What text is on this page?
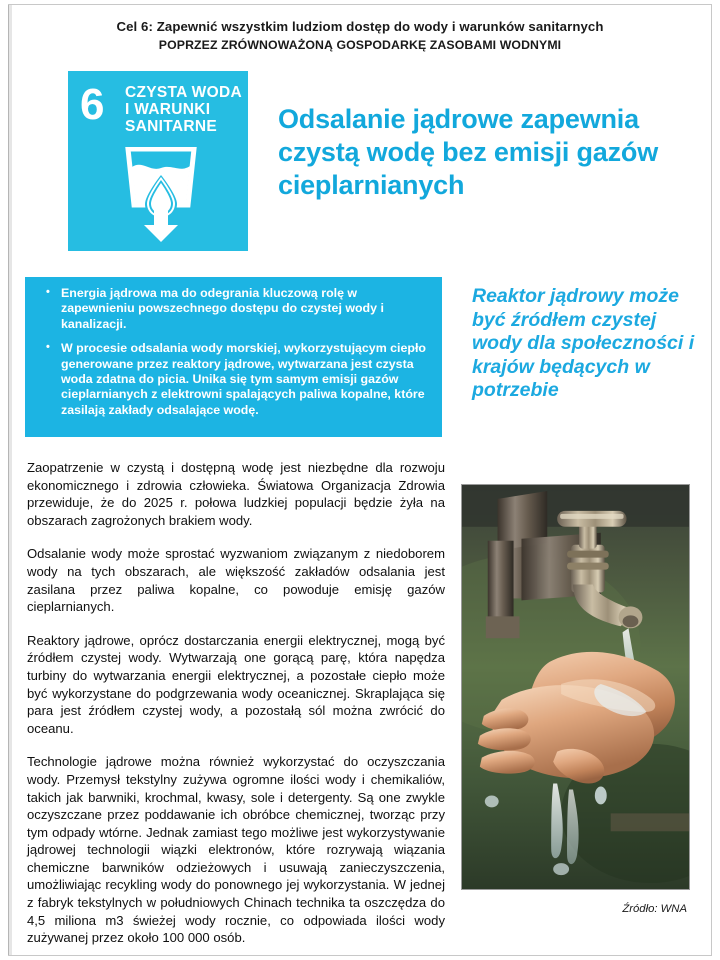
Cel 6: Zapewnić wszystkim ludziom dostęp do wody i warunków sanitarnych
POPRZEZ ZRÓWNOWAŻONĄ GOSPODARKĘ ZASOBAMI WODNYMI
6 CZYSTA WODA I WARUNKI SANITARNE	Odsalanie jądrowe zapewnia czystą wodę bez emisji gazów cieplarnianych
• Energia jądrowa ma do odegrania kluczową rolę w zapewnieniu powszechnego dostępu do czystej wody i kanalizacji.
• W procesie odsalania wody morskiej, wykorzystującym ciepło generowane przez reaktory jądrowe, wytwarzana jest czysta woda zdatna do picia. Unika się tym samym emisji gazów cieplarnianych z elektrowni spalających paliwa kopalne, które zasilają zakłady odsalające wodę.
Reaktor jądrowy może być źródłem czystej wody dla społeczności i krajów będących w potrzebie

Zaopatrzenie w czystą i dostępną wodę jest niezbędne dla rozwoju ekonomicznego i zdrowia człowieka. Światowa Organizacja Zdrowia przewiduje, że do 2025 r. połowa ludzkiej populacji będzie żyła na obszarach zagrożonych brakiem wody.

Odsalanie wody może sprostać wyzwaniom związanym z niedoborem wody na tych obszarach, ale większość zakładów odsalania jest zasilana przez paliwa kopalne, co powoduje emisję gazów cieplarnianych.

Reaktory jądrowe, oprócz dostarczania energii elektrycznej, mogą być źródłem czystej wody. Wytwarzają one gorącą parę, która napędza turbiny do wytwarzania energii elektrycznej, a pozostałe ciepło może być wykorzystane do podgrzewania wody oceanicznej. Skraplająca się para jest źródłem czystej wody, a pozostałą sól można zwrócić do oceanu.

Technologie jądrowe można również wykorzystać do oczyszczania wody. Przemysł tekstylny zużywa ogromne ilości wody i chemikaliów, takich jak barwniki, krochmal, kwasy, sole i detergenty. Są one zwykle oczyszczane przez poddawanie ich obróbce chemicznej, tworząc przy tym odpady wtórne. Jednak zamiast tego możliwe jest wykorzystywanie jądrowej technologii wiązki elektronów, które rozrywają wiązania chemiczne barwników odzieżowych i usuwają zanieczyszczenia, umożliwiając recykling wody do ponownego jej wykorzystania. W jednej z fabryk tekstylnych w południowych Chinach technika ta oszczędza do 4,5 miliona m3 świeżej wody rocznie, co odpowiada ilości wody zużywanej przez około 100 000 osób.

Źródło: WNA
